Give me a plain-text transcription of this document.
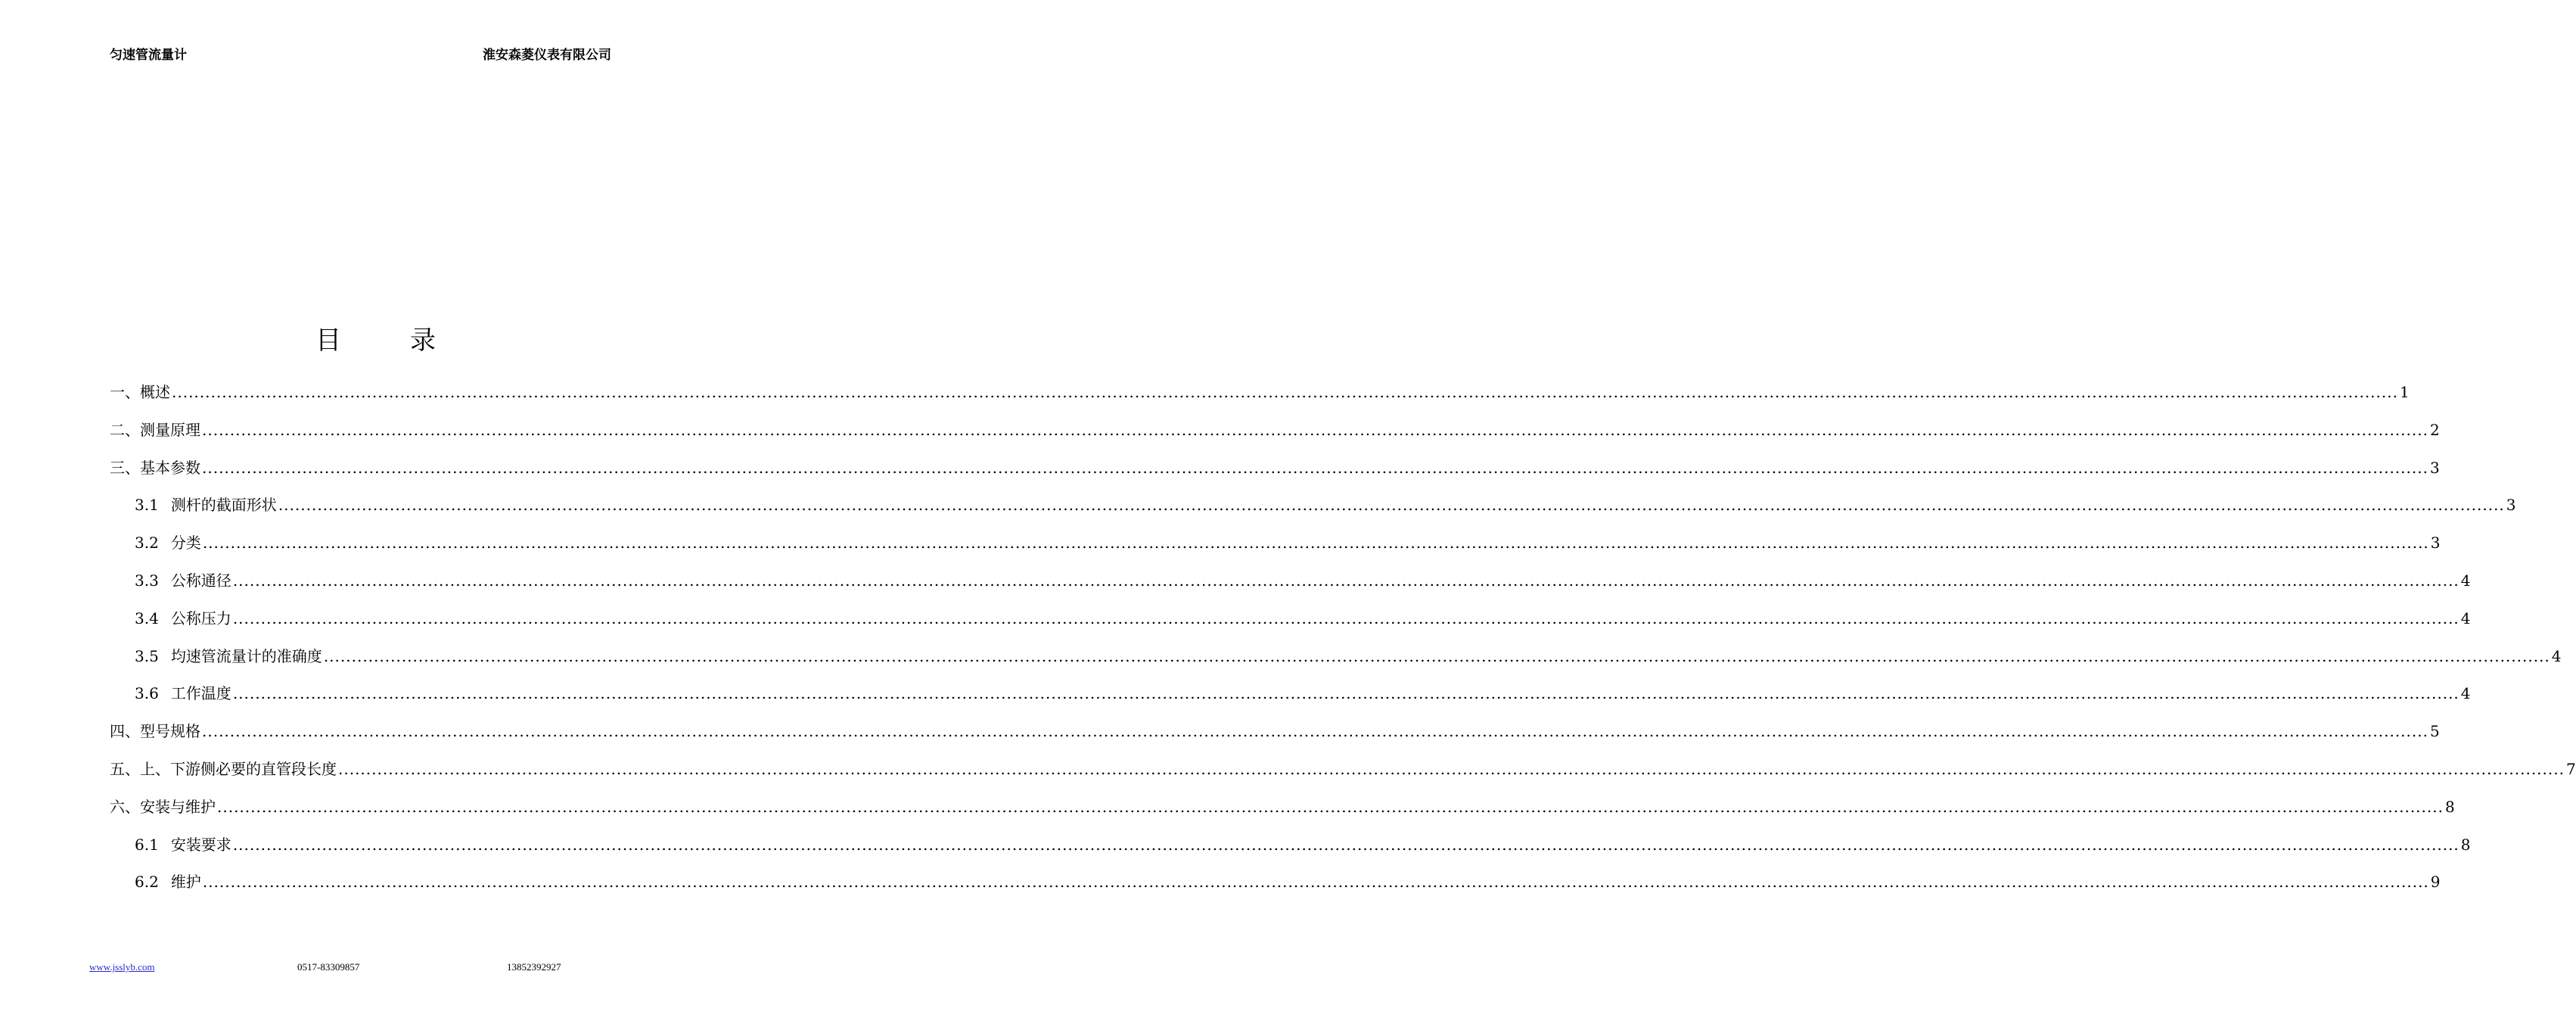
匀速管流量计	淮安森菱仪表有限公司
目	录
一、 概述 ................................................................................................................................................................................................................................................................................................................................................................................................................ 1
二、 测量原理 ................................................................................................................................................................................................................................................................................................................................................................................................................ 2
三、 基本参数 ................................................................................................................................................................................................................................................................................................................................................................................................................ 3
3.1 测杆的截面形状 ................................................................................................................................................................................................................................................................................................................................................................................................................ 3
3.2 分类 ................................................................................................................................................................................................................................................................................................................................................................................................................ 3
3.3 公称通径 ................................................................................................................................................................................................................................................................................................................................................................................................................ 4
3.4 公称压力 ................................................................................................................................................................................................................................................................................................................................................................................................................ 4
3.5 均速管流量计的准确度 ................................................................................................................................................................................................................................................................................................................................................................................................................ 4
3.6 工作温度 ................................................................................................................................................................................................................................................................................................................................................................................................................ 4
四、 型号规格 ................................................................................................................................................................................................................................................................................................................................................................................................................ 5
五、 上、下游侧必要的直管段长度 ................................................................................................................................................................................................................................................................................................................................................................................................................ 7
六、 安装与维护 ................................................................................................................................................................................................................................................................................................................................................................................................................ 8
6.1 安装要求 ................................................................................................................................................................................................................................................................................................................................................................................................................ 8
6.2 维护 ................................................................................................................................................................................................................................................................................................................................................................................................................ 9
www.jsslyb.com	0517-83309857	13852392927
